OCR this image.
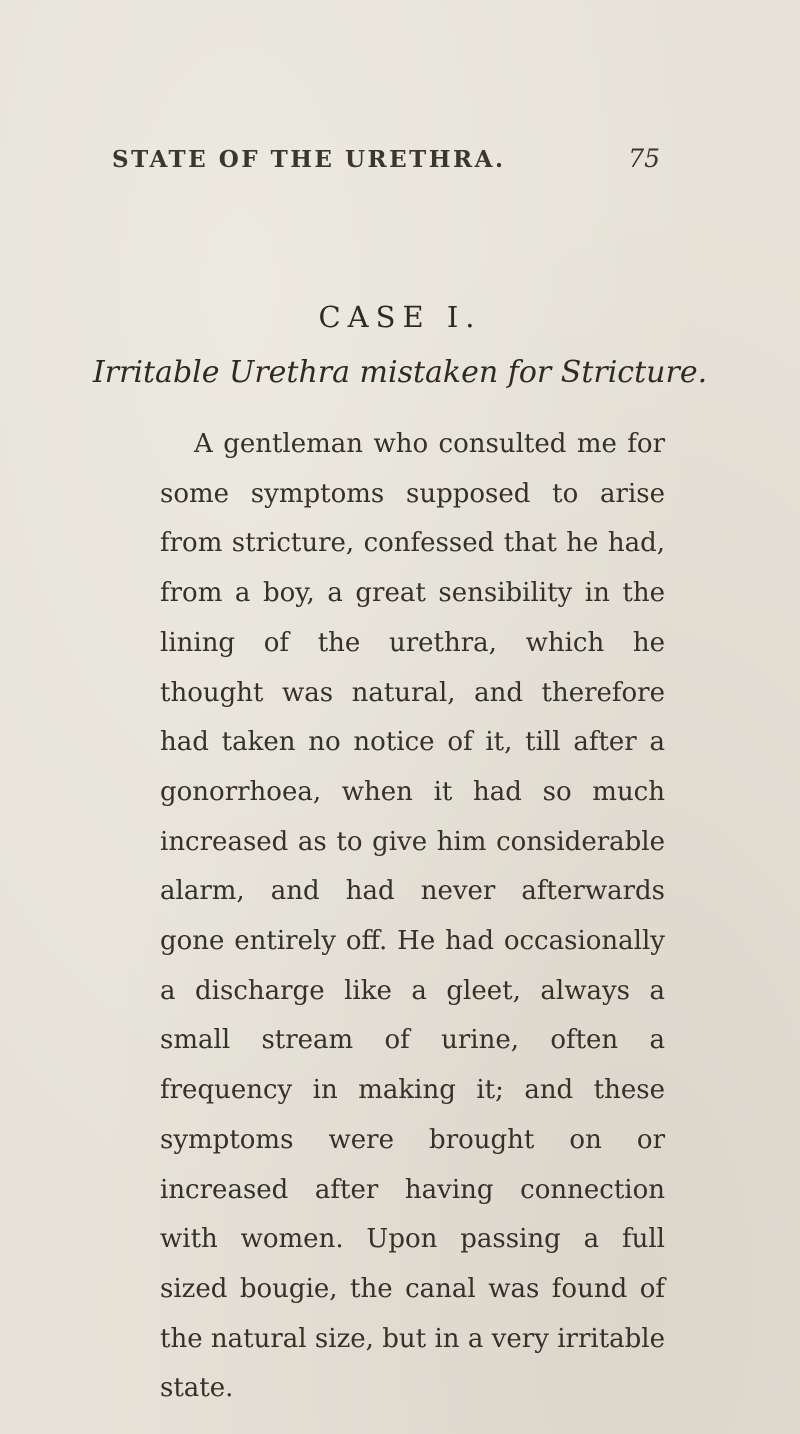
STATE OF THE URETHRA.	75
CASE I.
Irritable Urethra mistaken for Stricture.

A gentleman who consulted me for some symptoms supposed to arise from stricture, confessed that he had, from a boy, a great sensibility in the lining of the urethra, which he thought was natural, and therefore had taken no notice of it, till after a gonorrhoea, when it had so much increased as to give him considerable alarm, and had never afterwards gone entirely off. He had occasionally a discharge like a gleet, always a small stream of urine, often a frequency in making it; and these symptoms were brought on or increased after having connection with women. Upon passing a full sized bougie, the canal was found of the natural size, but in a very irritable state.
